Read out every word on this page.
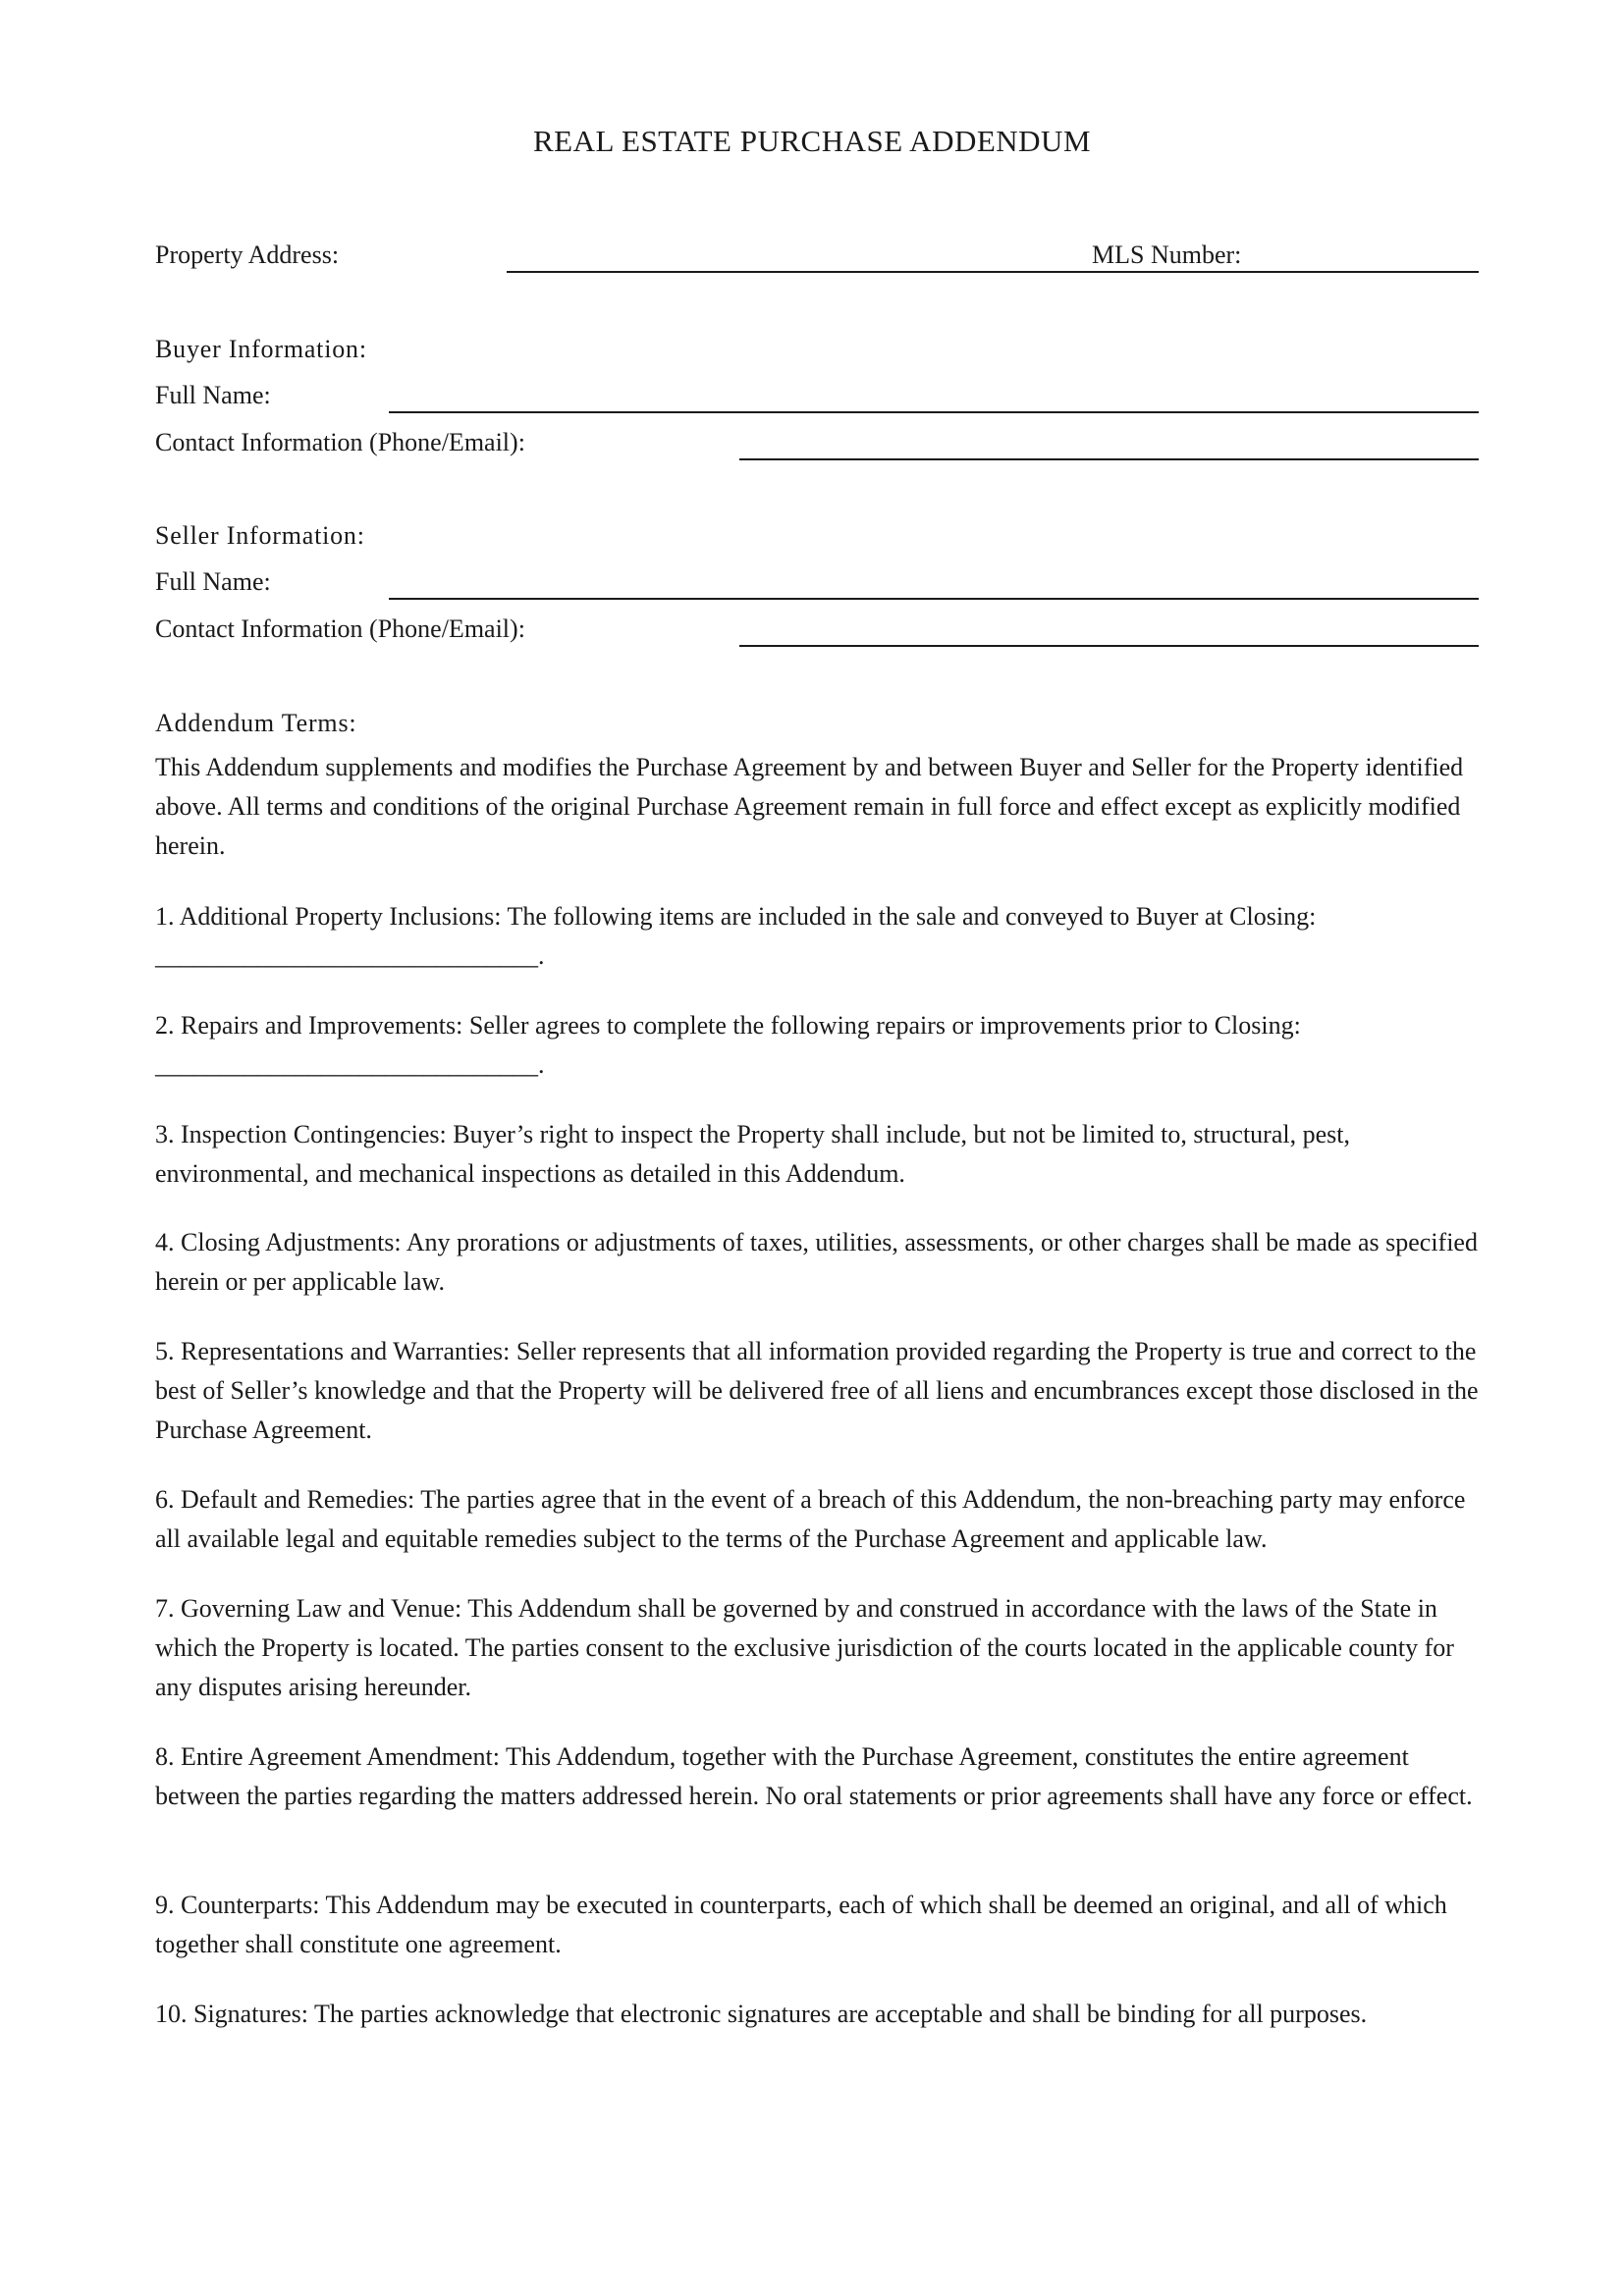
REAL ESTATE PURCHASE ADDENDUM
Property Address:	MLS Number:
Buyer Information:
Full Name:
Contact Information (Phone/Email):
Seller Information:
Full Name:
Contact Information (Phone/Email):
Addendum Terms:
This Addendum supplements and modifies the Purchase Agreement by and between Buyer and Seller for the Property identified above. All terms and conditions of the original Purchase Agreement remain in full force and effect except as explicitly modified herein.
1. Additional Property Inclusions: The following items are included in the sale and conveyed to Buyer at Closing: ______________________________.
2. Repairs and Improvements: Seller agrees to complete the following repairs or improvements prior to Closing: ______________________________.
3. Inspection Contingencies: Buyer’s right to inspect the Property shall include, but not be limited to, structural, pest, environmental, and mechanical inspections as detailed in this Addendum.
4. Closing Adjustments: Any prorations or adjustments of taxes, utilities, assessments, or other charges shall be made as specified herein or per applicable law.
5. Representations and Warranties: Seller represents that all information provided regarding the Property is true and correct to the best of Seller’s knowledge and that the Property will be delivered free of all liens and encumbrances except those disclosed in the Purchase Agreement.
6. Default and Remedies: The parties agree that in the event of a breach of this Addendum, the non-breaching party may enforce all available legal and equitable remedies subject to the terms of the Purchase Agreement and applicable law.
7. Governing Law and Venue: This Addendum shall be governed by and construed in accordance with the laws of the State in which the Property is located. The parties consent to the exclusive jurisdiction of the courts located in the applicable county for any disputes arising hereunder.
8. Entire Agreement Amendment: This Addendum, together with the Purchase Agreement, constitutes the entire agreement between the parties regarding the matters addressed herein. No oral statements or prior agreements shall have any force or effect.
9. Counterparts: This Addendum may be executed in counterparts, each of which shall be deemed an original, and all of which together shall constitute one agreement.
10. Signatures: The parties acknowledge that electronic signatures are acceptable and shall be binding for all purposes.
